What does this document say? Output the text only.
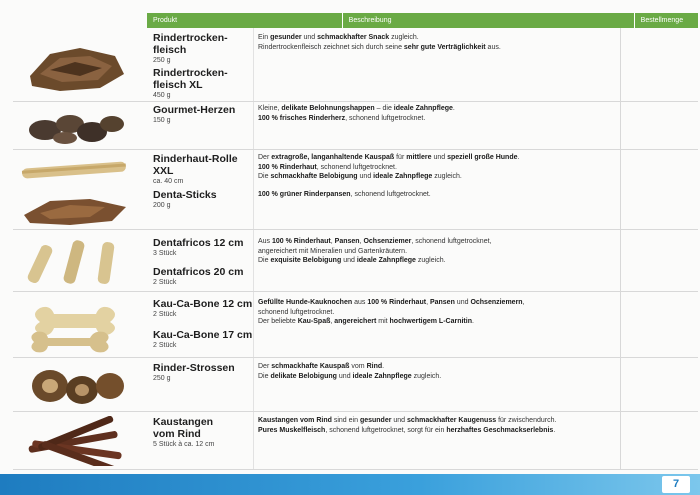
Produkt	Beschreibung	Bestellmenge
Rindertrocken-
fleisch
250 g
Rindertrocken-
fleisch XL
450 g
Ein gesunder und schmackhafter Snack zugleich.
Rindertrockenfleisch zeichnet sich durch seine sehr gute Verträglichkeit aus.
Gourmet-Herzen
150 g
Kleine, delikate Belohnungshappen – die ideale Zahnpflege.
100 % frisches Rinderherz, schonend luftgetrocknet.
Rinderhaut-Rolle
XXL
ca. 40 cm
Der extragroße, langanhaltende Kauspaß für mittlere und speziell große Hunde.
100 % Rinderhaut, schonend luftgetrocknet.
Die schmackhafte Belobigung und ideale Zahnpflege zugleich.
Denta-Sticks
200 g
100 % grüner Rinderpansen, schonend luftgetrocknet.
Dentafricos 12 cm
3 Stück
Dentafricos 20 cm
2 Stück
Aus 100 % Rinderhaut, Pansen, Ochsenziemer, schonend luftgetrocknet,
angereichert mit Mineralien und Gartenkräutern.
Die exquisite Belobigung und ideale Zahnpflege zugleich.
Kau-Ca-Bone 12 cm
2 Stück
Kau-Ca-Bone 17 cm
2 Stück
Gefüllte Hunde-Kauknochen aus 100 % Rinderhaut, Pansen und Ochsenziemern,
schonend luftgetrocknet.
Der beliebte Kau-Spaß, angereichert mit hochwertigem L-Carnitin.
Rinder-Strossen
250 g
Der schmackhafte Kauspaß vom Rind.
Die delikate Belobigung und ideale Zahnpflege zugleich.
Kaustangen
vom Rind
5 Stück à ca. 12 cm
Kaustangen vom Rind sind ein gesunder und schmackhafter Kaugenuss für zwischendurch.
Pures Muskelfleisch, schonend luftgetrocknet, sorgt für ein herzhaftes Geschmackserlebnis.
7
